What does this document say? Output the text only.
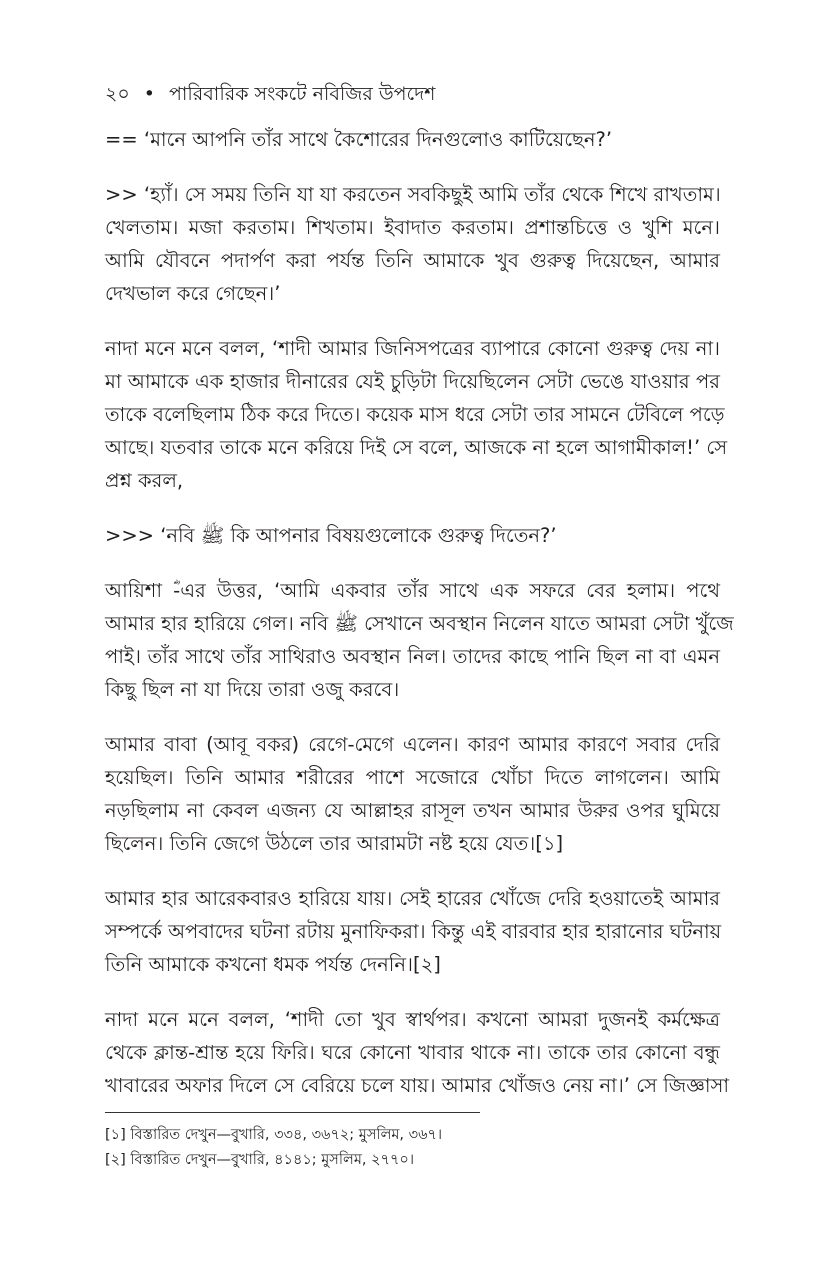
২০ • পারিবারিক সংকটে নবিজির উপদেশ
== ‘মানে আপনি তাঁর সাথে কৈশোরের দিনগুলোও কাটিয়েছেন?’
>> ‘হ্যাঁ। সে সময় তিনি যা যা করতেন সবকিছুই আমি তাঁর থেকে শিখে রাখতাম।
খেলতাম। মজা করতাম। শিখতাম। ইবাদাত করতাম। প্রশান্তচিত্তে ও খুশি মনে।
আমি যৌবনে পদার্পণ করা পর্যন্ত তিনি আমাকে খুব গুরুত্ব দিয়েছেন, আমার
দেখভাল করে গেছেন।’
নাদা মনে মনে বলল, ‘শাদী আমার জিনিসপত্রের ব্যাপারে কোনো গুরুত্ব দেয় না।
মা আমাকে এক হাজার দীনারের যেই চুড়িটা দিয়েছিলেন সেটা ভেঙে যাওয়ার পর
তাকে বলেছিলাম ঠিক করে দিতে। কয়েক মাস ধরে সেটা তার সামনে টেবিলে পড়ে
আছে। যতবার তাকে মনে করিয়ে দিই সে বলে, আজকে না হলে আগামীকাল!’ সে
প্রশ্ন করল,
>>> ‘নবি ﷺ কি আপনার বিষয়গুলোকে গুরুত্ব দিতেন?’
আয়িশা ؓ-এর উত্তর, ‘আমি একবার তাঁর সাথে এক সফরে বের হলাম। পথে
আমার হার হারিয়ে গেল। নবি ﷺ সেখানে অবস্থান নিলেন যাতে আমরা সেটা খুঁজে
পাই। তাঁর সাথে তাঁর সাথিরাও অবস্থান নিল। তাদের কাছে পানি ছিল না বা এমন
কিছু ছিল না যা দিয়ে তারা ওজু করবে।
আমার বাবা (আবূ বকর) রেগে-মেগে এলেন। কারণ আমার কারণে সবার দেরি
হয়েছিল। তিনি আমার শরীরের পাশে সজোরে খোঁচা দিতে লাগলেন। আমি
নড়ছিলাম না কেবল এজন্য যে আল্লাহর রাসূল তখন আমার উরুর ওপর ঘুমিয়ে
ছিলেন। তিনি জেগে উঠলে তার আরামটা নষ্ট হয়ে যেত।[১]
আমার হার আরেকবারও হারিয়ে যায়। সেই হারের খোঁজে দেরি হওয়াতেই আমার
সম্পর্কে অপবাদের ঘটনা রটায় মুনাফিকরা। কিন্তু এই বারবার হার হারানোর ঘটনায়
তিনি আমাকে কখনো ধমক পর্যন্ত দেননি।[২]
নাদা মনে মনে বলল, ‘শাদী তো খুব স্বার্থপর। কখনো আমরা দুজনই কর্মক্ষেত্র
থেকে ক্লান্ত-শ্রান্ত হয়ে ফিরি। ঘরে কোনো খাবার থাকে না। তাকে তার কোনো বন্ধু
খাবারের অফার দিলে সে বেরিয়ে চলে যায়। আমার খোঁজও নেয় না।’ সে জিজ্ঞাসা
[১] বিস্তারিত দেখুন—বুখারি, ৩৩৪, ৩৬৭২; মুসলিম, ৩৬৭।
[২] বিস্তারিত দেখুন—বুখারি, ৪১৪১; মুসলিম, ২৭৭০।
